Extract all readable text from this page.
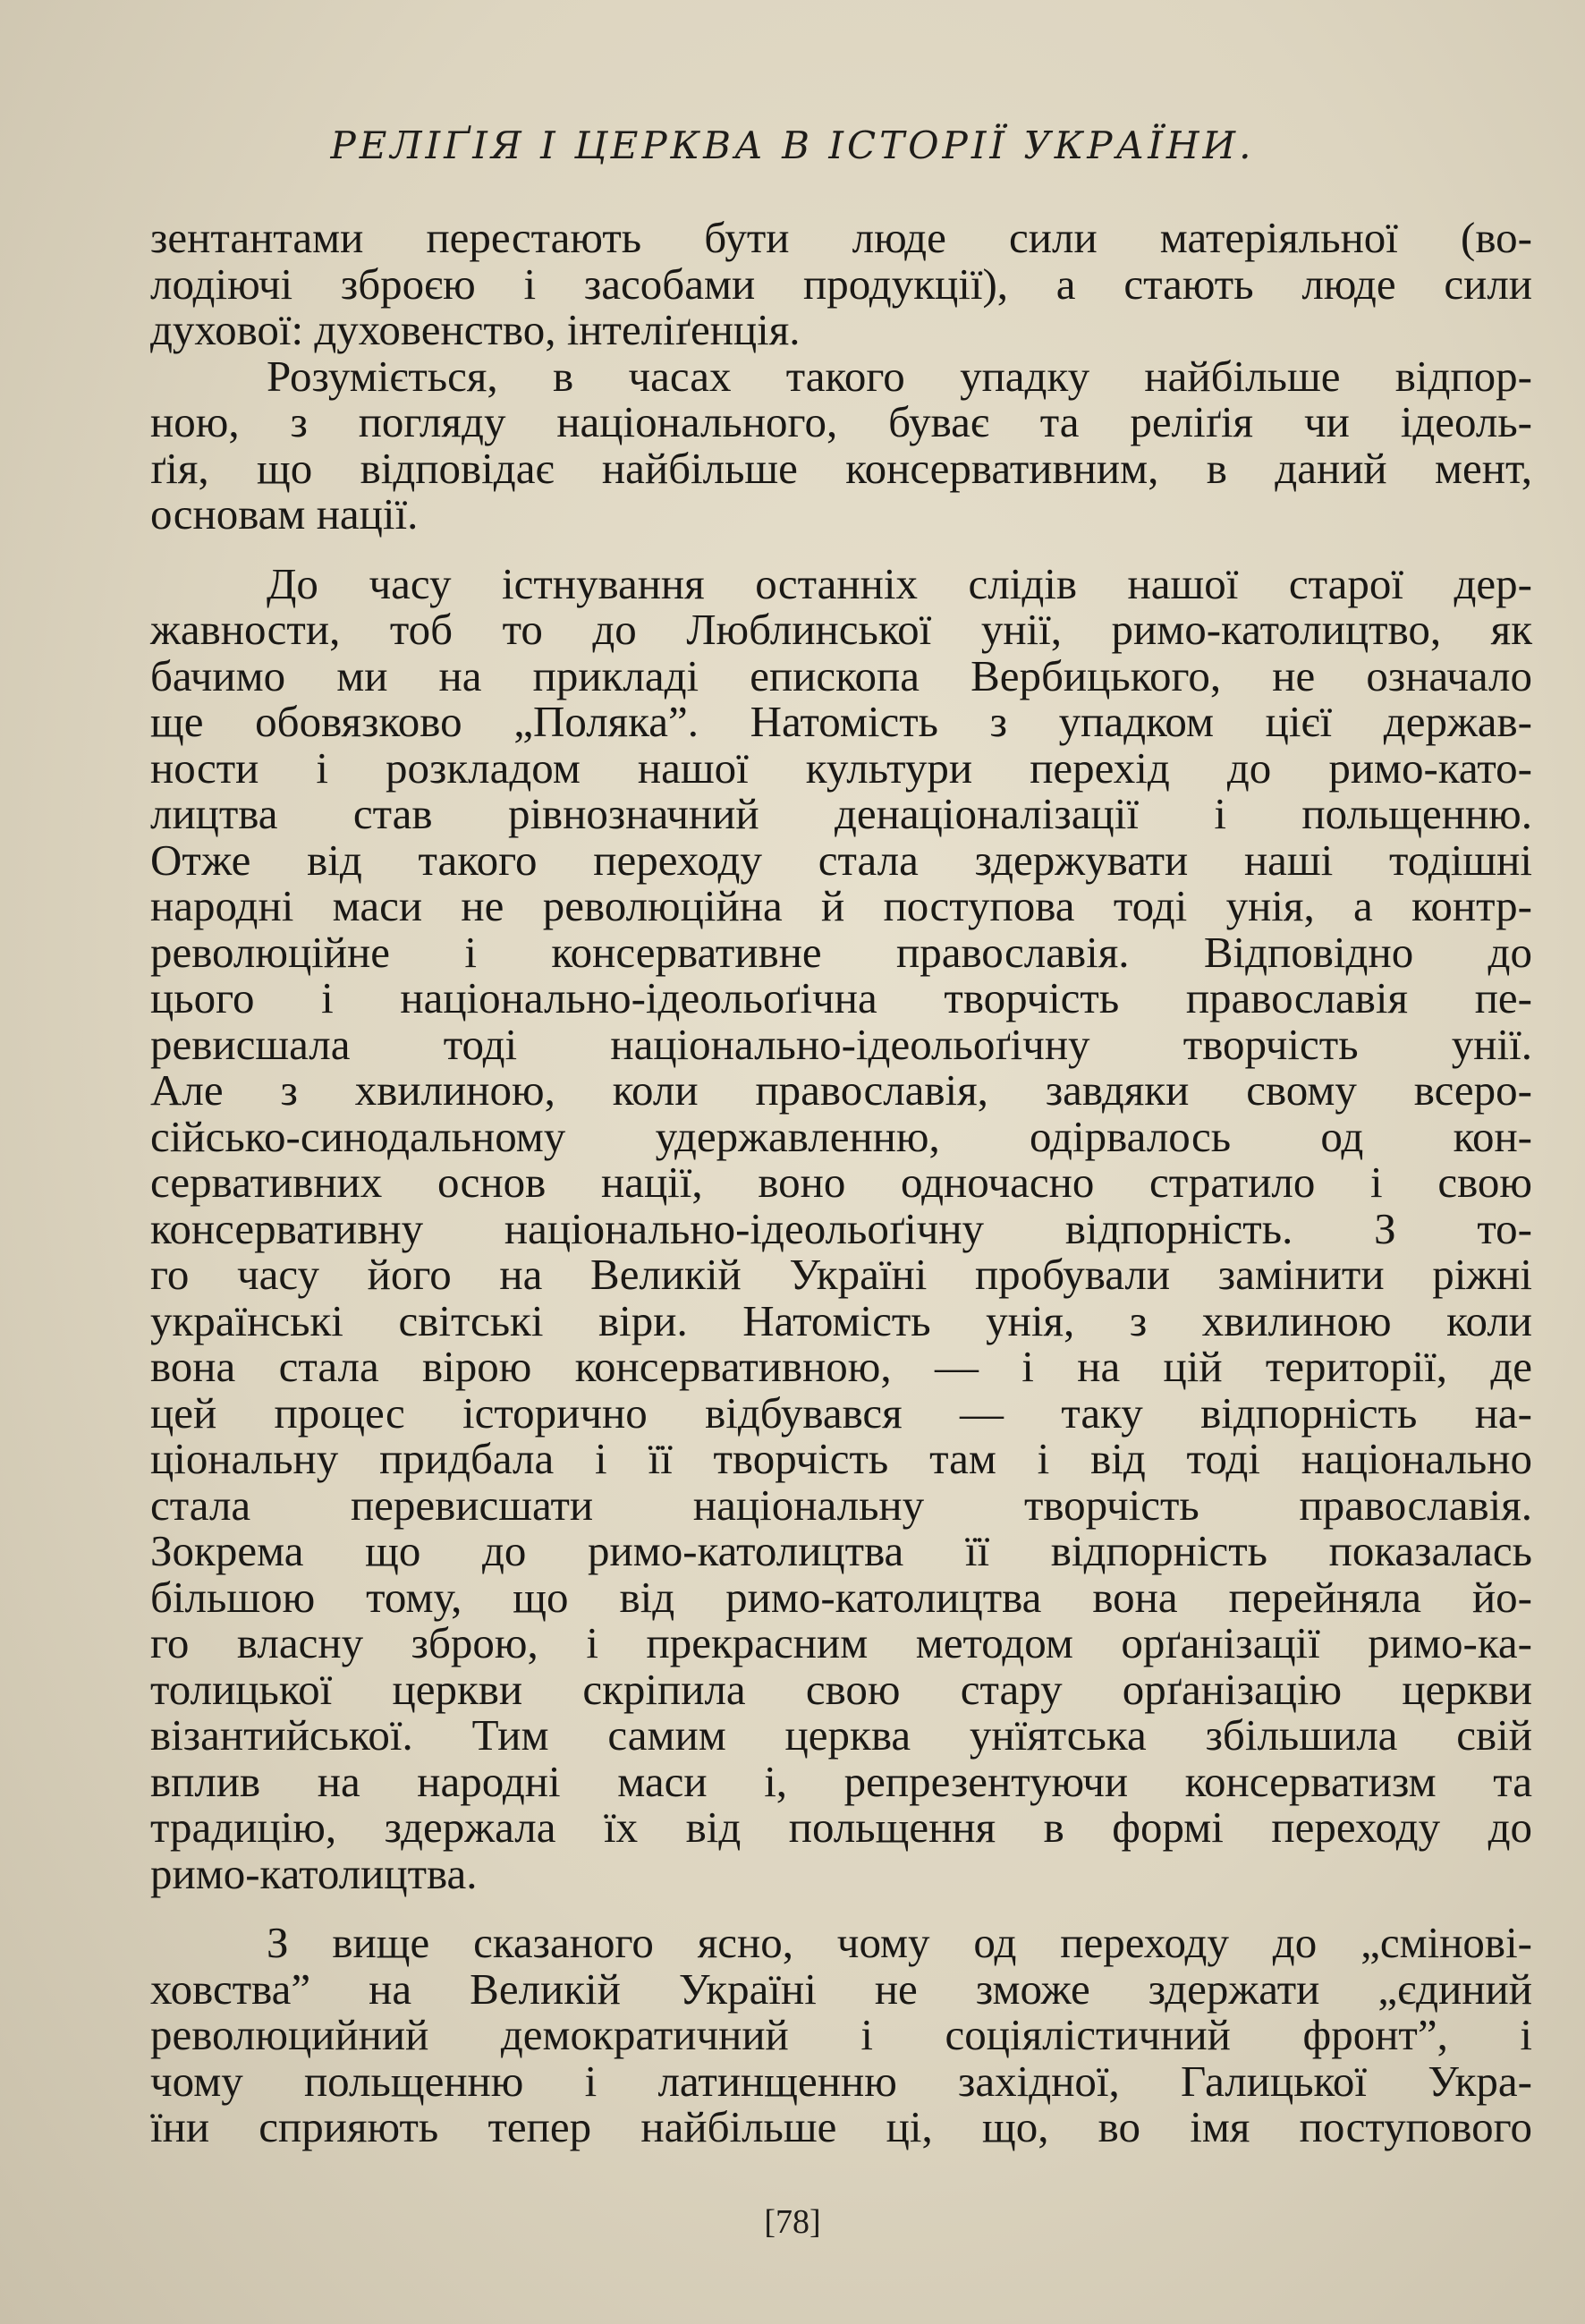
РЕЛІҐІЯ І ЦЕРКВА В ІСТОРІЇ УКРАЇНИ.
зентантами перестають бути люде сили матеріяльної (во-
лодіючі зброєю і засобами продукції), а стають люде сили
духової: духовенство, інтеліґенція.
Розуміється, в часах такого упадку найбільше відпор-
ною, з погляду національного, буває та реліґія чи ідеоль-
ґія, що відповідає найбільше консервативним, в даний мент,
основам нації.
До часу істнування останніх слідів нашої старої дер-
жавности, тоб то до Люблинської унії, римо-католицтво, як
бачимо ми на прикладі епископа Вербицького, не означало
ще обовязково „Поляка”. Натомість з упадком цієї держав-
ности і розкладом нашої культури перехід до римо-като-
лицтва став рівнозначний денаціоналізації і польщенню.
Отже від такого переходу стала здержувати наші тодішні
народні маси не революційна й поступова тоді унія, а контр-
революційне і консервативне православія. Відповідно до
цього і національно-ідеольоґічна творчість православія пе-
ревисшала тоді національно-ідеольоґічну творчість унії.
Але з хвилиною, коли православія, завдяки свому всеро-
сійсько-синодальному удержавленню, одірвалось од кон-
сервативних основ нації, воно одночасно стратило і свою
консервативну національно-ідеольоґічну відпорність. З то-
го часу його на Великій Україні пробували замінити ріжні
українські світські віри. Натомість унія, з хвилиною коли
вона стала вірою консервативною, — і на цій території, де
цей процес історично відбувався — таку відпорність на-
ціональну придбала і її творчість там і від тоді національно
стала перевисшати національну творчість православія.
Зокрема що до римо-католицтва її відпорність показалась
більшою тому, що від римо-католицтва вона перейняла йо-
го власну зброю, і прекрасним методом орґанізації римо-ка-
толицької церкви скріпила свою стару орґанізацію церкви
візантийської. Тим самим церква унїятська збільшила свій
вплив на народні маси і, репрезентуючи консерватизм та
традицію, здержала їх від польщення в формі переходу до
римо-католицтва.
З вище сказаного ясно, чому од переходу до „сміновi-
ховства” на Великій Україні не зможе здержати „єдиний
революцийний демократичний і соціялістичний фронт”, і
чому польщенню і латинщенню західної, Галицької Укра-
їни сприяють тепер найбільше ці, що, во імя поступового
[78]
